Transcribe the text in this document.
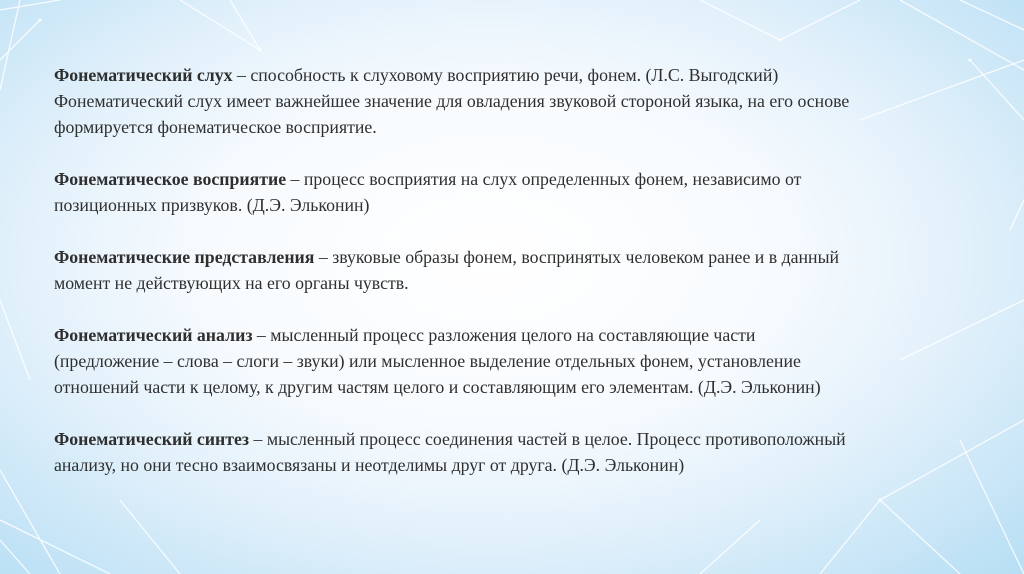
Фонематический слух – способность к слуховому восприятию речи, фонем. (Л.С. Выгодский)
Фонематический слух имеет важнейшее значение для овладения звуковой стороной языка, на его основе
формируется фонематическое восприятие.

Фонематическое восприятие – процесс восприятия на слух определенных фонем, независимо от
позиционных призвуков. (Д.Э. Эльконин)

Фонематические представления – звуковые образы фонем, воспринятых человеком ранее и в данный
момент не действующих на его органы чувств.

Фонематический анализ – мысленный процесс разложения целого на составляющие части
(предложение – слова – слоги – звуки) или мысленное выделение отдельных фонем, установление
отношений части к целому, к другим частям целого и составляющим его элементам. (Д.Э. Эльконин)

Фонематический синтез – мысленный процесс соединения частей в целое. Процесс противоположный
анализу, но они тесно взаимосвязаны и неотделимы друг от друга. (Д.Э. Эльконин)
